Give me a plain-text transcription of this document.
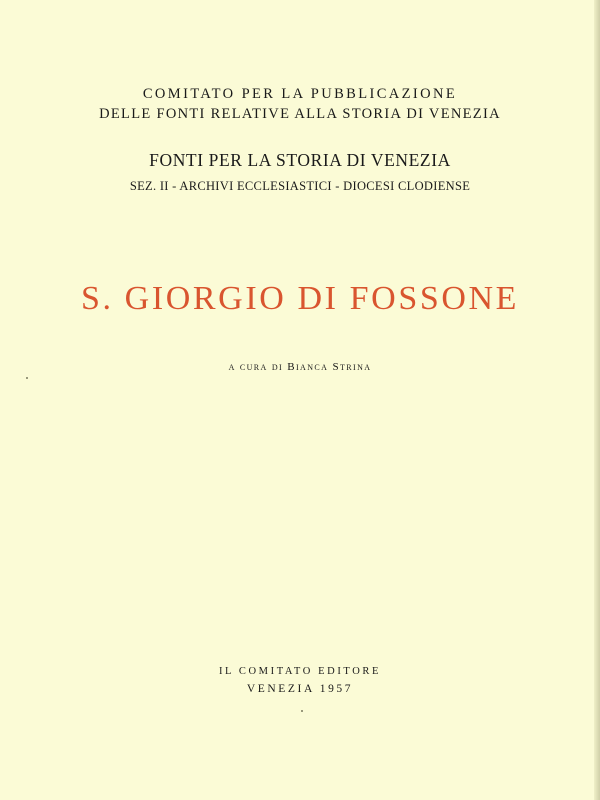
COMITATO PER LA PUBBLICAZIONE
DELLE FONTI RELATIVE ALLA STORIA DI VENEZIA
FONTI PER LA STORIA DI VENEZIA
SEZ. II - ARCHIVI ECCLESIASTICI - DIOCESI CLODIENSE
S. GIORGIO DI FOSSONE
a cura di Bianca Strina
IL COMITATO EDITORE
VENEZIA 1957
